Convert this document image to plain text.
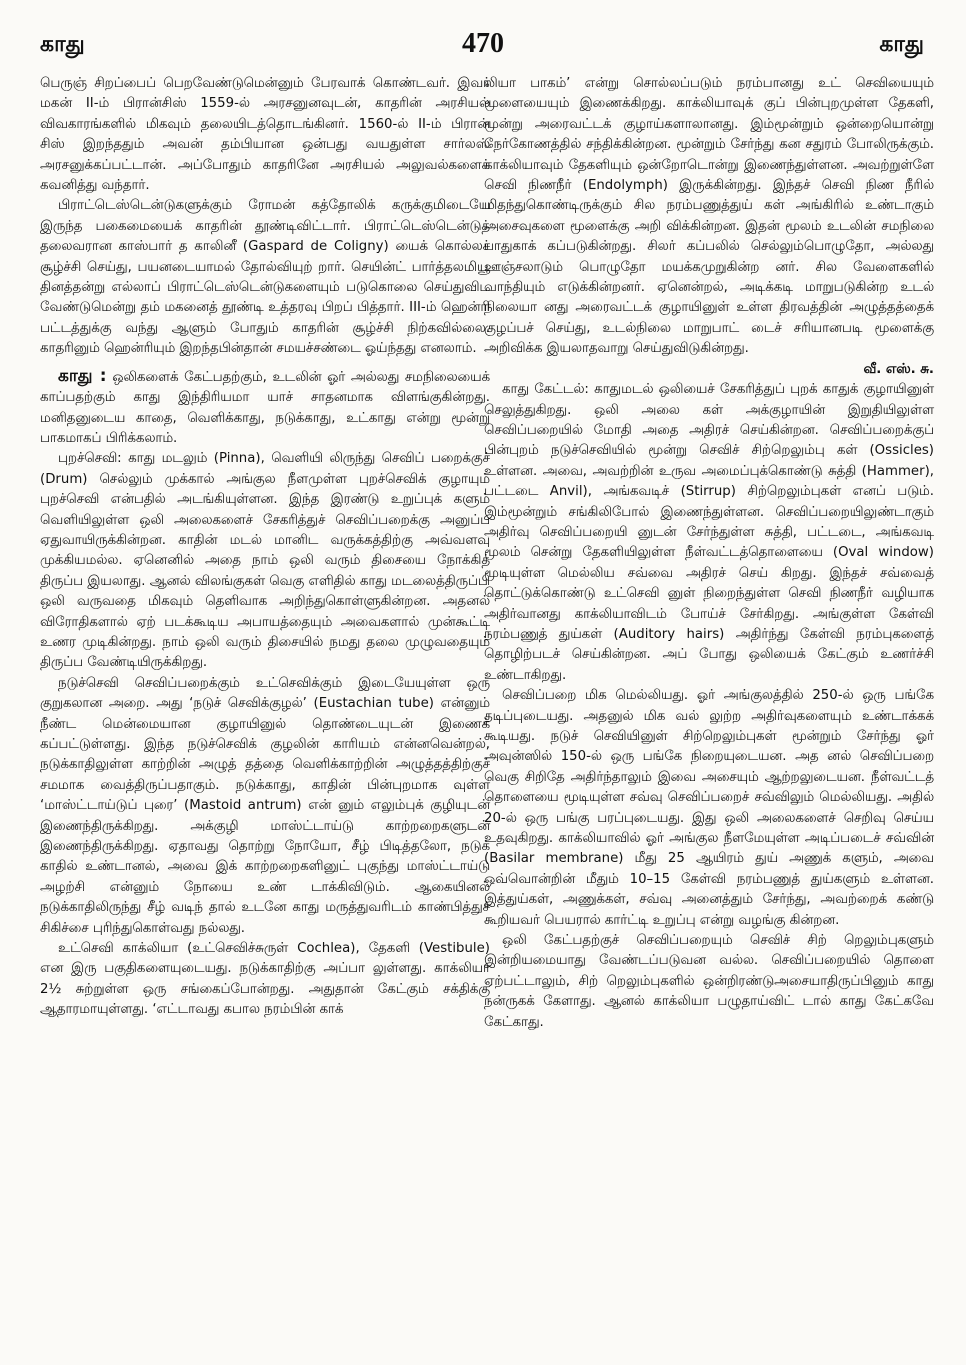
காது	470	காது

பெருஞ் சிறப்பைப் பெறவேண்டுமென்னும் பேரவாக் கொண்டவர். இவர் மகன் II-ம் பிரான்சிஸ் 1559-ல் அரசனுனவுடன், காதரின் அரசியல் விவகாரங்களில் மிகவும் தலையிடத்தொடங்கினர். 1560-ல் II-ம் பிரான் சிஸ் இறந்ததும் அவன் தம்பியான ஒன்பது வயதுள்ள சார்லஸ் அரசனுக்கப்பட்டான். அப்போதும் காதரினே அரசியல் அலுவல்களைக் கவனித்து வந்தார்.

பிராட்டெஸ்டென்டுகளுக்கும் ரோமன் கத்தோலிக் கருக்குமிடையே இருந்த பகைமையைக் காதரின் தூண்டிவிட்டார். பிராட்டெஸ்டென்டுத் தலைவரான காஸ்பார் த காலினீ (Gaspard de Coligny) யைக் கொல்லச் சூழ்ச்சி செய்து, பயனடையாமல் தோல்வியுற் றார். செயின்ட் பார்த்தலமியூ தினத்தன்று எல்லாப் பிராட்டெஸ்டென்டுகளையும் படுகொலை செய்துவிட வேண்டுமென்று தம் மகனைத் தூண்டி உத்தரவு பிறப் பித்தார். III-ம் ஹென்ரி பட்டத்துக்கு வந்து ஆளும் போதும் காதரின் சூழ்ச்சி நிற்கவில்லை. காதரினும் ஹென்ரியும் இறந்தபின்தான் சமயச்சண்டை ஓய்ந்தது எனலாம்.

காது : ஒலிகளைக் கேட்பதற்கும், உடலின் ஓர் அல்லது சமநிலையைக் காப்பதற்கும் காது இந்திரியமா யாச் சாதனமாக விளங்குகின்றது. மனிதனுடைய காதை, வெளிக்காது, நடுக்காது, உட்காது என்று மூன்று பாகமாகப் பிரிக்கலாம்.

புறச்செவி: காது மடலும் (Pinna), வெளியி லிருந்து செவிப் பறைக்குச் (Drum) செல்லும் முக்கால் அங்குல நீளமுள்ள புறச்செவிக் குழாயும் புறச்செவி என்பதில் அடங்கியுள்ளன. இந்த இரண்டு உறுப்புக் களும் வெளியிலுள்ள ஒலி அலைகளைச் சேகரித்துச் செவிப்பறைக்கு அனுப்ப ஏதுவாயிருக்கின்றன. காதின் மடல் மானிட வருக்கத்திற்கு அவ்வளவு முக்கியமல்ல. ஏனெனில் அதை நாம் ஒலி வரும் திசையை நோக்கித் திருப்ப இயலாது. ஆனல் விலங்குகள் வெகு எளிதில் காது மடலைத்திருப்பி ஒலி வருவதை மிகவும் தெளிவாக அறிந்துகொள்ளுகின்றன. அதனல் விரோதிகளால் ஏற் படக்கூடிய அபாயத்தையும் அவைகளால் முன்கூட்டி உணர முடிகின்றது. நாம் ஒலி வரும் திசையில் நமது தலை முழுவதையும் திருப்ப வேண்டியிருக்கிறது.

நடுச்செவி செவிப்பறைக்கும் உட்செவிக்கும் இடையேயுள்ள ஒரு குறுகலான அறை. அது ‘நடுச் செவிக்குழல்’ (Eustachian tube) என்னும் நீண்ட மென்மையான குழாயினுல் தொண்டையுடன் இணைக் கப்பட்டுள்ளது. இந்த நடுச்செவிக் குழலின் காரியம் என்னவென்றல், நடுக்காதிலுள்ள காற்றின் அழுத் தத்தை வெளிக்காற்றின் அழுத்தத்திற்குச் சமமாக வைத்திருப்பதாகும். நடுக்காது, காதின் பின்புறமாக வுள்ள ‘மாஸ்ட்டாய்டுப் புரை’ (Mastoid antrum) என் னும் எலும்புக் குழியுடன் இணைந்திருக்கிறது. அக்குழி மாஸ்ட்டாய்டு காற்றறைகளுடன் இணைந்திருக்கிறது. ஏதாவது தொற்று நோயோ, சீழ் பிடித்தலோ, நடுக் காதில் உண்டானல், அவை இக் காற்றறைகளினுட் புகுந்து மாஸ்ட்டாய்டு அழற்சி என்னும் நோயை உண் டாக்கிவிடும். ஆகையினல் நடுக்காதிலிருந்து சீழ் வடிந் தால் உடனே காது மருத்துவரிடம் காண்பித்துச் சிகிச்சை புரிந்துகொள்வது நல்லது.

உட்செவி காக்லியா (உட்செவிச்சுருள் Cochlea), தேகளி (Vestibule) என இரு பகுதிகளையுடையது. நடுக்காதிற்கு அப்பா லுள்ளது. காக்லியா 2½ சுற்றுள்ள ஒரு சங்கைப்போன்றது. அதுதான் கேட்கும் சக்திக்கு ஆதாரமாயுள்ளது. ‘எட்டாவது கபால நரம்பின் காக்

லியா பாகம்’ என்று சொல்லப்படும் நரம்பானது உட் செவியையும் மூளையையும் இணைக்கிறது. காக்லியாவுக் குப் பின்புறமுள்ள தேகளி, மூன்று அரைவட்டக் குழாய்களாலானது. இம்மூன்றும் ஒன்றையொன்று நேர்கோணத்தில் சந்திக்கின்றன. மூன்றும் சேர்ந்து கன சதுரம் போலிருக்கும். காக்லியாவும் தேகளியும் ஒன்றோடொன்று இணைந்துள்ளன. அவற்றுள்ளே செவி நிணநீர் (Endolymph) இருக்கின்றது. இந்தச் செவி நிண நீரில் மிதந்துகொண்டிருக்கும் சில நரம்பணுத்துய் கள் அங்கிரில் உண்டாகும் அசைவுகளை மூளைக்கு அறி விக்கின்றன. இதன் மூலம் உடலின் சமநிலை பாதுகாக் கப்படுகின்றது. சிலர் கப்பலில் செல்லும்பொழுதோ, அல்லது ஊஞ்சலாடும் பொழுதோ மயக்கமுறுகின்ற னர். சில வேளைகளில் வாந்தியும் எடுக்கின்றனர். ஏனென்றல், அடிக்கடி மாறுபடுகின்ற உடல் நிலையா னது அரைவட்டக் குழாயினுள் உள்ள திரவத்தின் அழுத்தத்தைக் குழப்பச் செய்து, உடல்நிலை மாறுபாட் டைச் சரியானபடி மூளைக்கு அறிவிக்க இயலாதவாறு செய்துவிடுகின்றது.

வீ. எஸ். சு.

காது கேட்டல்: காதுமடல் ஒலியைச் சேகரித்துப் புறக் காதுக் குழாயினுள் செலுத்துகிறது. ஒலி அலை கள் அக்குழாயின் இறுதியிலுள்ள செவிப்பறையில் மோதி அதை அதிரச் செய்கின்றன. செவிப்பறைக்குப் பின்புறம் நடுச்செவியில் மூன்று செவிச் சிற்றெலும்பு கள் (Ossicles) உள்ளன. அவை, அவற்றின் உருவ அமைப்புக்கொண்டு சுத்தி (Hammer), பட்டடை Anvil), அங்கவடிச் (Stirrup) சிற்றெலும்புகள் எனப் படும். இம்மூன்றும் சங்கிலிபோல் இணைந்துள்ளன. செவிப்பறையிலுண்டாகும் அதிர்வு செவிப்பறையி னுடன் சேர்ந்துள்ள சுத்தி, பட்டடை, அங்கவடி மூலம் சென்று தேகளியிலுள்ள நீள்வட்டத்தொளையை (Oval window) மூடியுள்ள மெல்லிய சவ்வை அதிரச் செய் கிறது. இந்தச் சவ்வைத் தொட்டுக்கொண்டு உட்செவி னுள் நிறைந்துள்ள செவி நிணநீர் வழியாக அதிர்வானது காக்லியாவிடம் போய்ச் சேர்கிறது. அங்குள்ள கேள்வி நரம்பணுத் துய்கள் (Auditory hairs) அதிர்ந்து கேள்வி நரம்புகளைத் தொழிற்படச் செய்கின்றன. அப் போது ஒலியைக் கேட்கும் உணர்ச்சி உண்டாகிறது.

செவிப்பறை மிக மெல்லியது. ஓர் அங்குலத்தில் 250-ல் ஒரு பங்கே தடிப்புடையது. அதனுல் மிக வல் லுற்ற அதிர்வுகளையும் உண்டாக்கக் கூடியது. நடுச் செவியினுள் சிற்றெலும்புகள் மூன்றும் சேர்ந்து ஓர் அவுன்ஸில் 150-ல் ஒரு பங்கே நிறையுடையன. அத னல் செவிப்பறை வெகு சிறிதே அதிர்ந்தாலும் இவை அசையும் ஆற்றலுடையன. நீள்வட்டத் தொளையை மூடியுள்ள சவ்வு செவிப்பறைச் சவ்விலும் மெல்லியது. அதில் 20-ல் ஒரு பங்கு பரப்புடையது. இது ஒலி அலைகளைச் செறிவு செய்ய உதவுகிறது. காக்லியாவில் ஓர் அங்குல நீளமேயுள்ள அடிப்படைச் சவ்வின் (Basilar membrane) மீது 25 ஆயிரம் துய் அணுக் களும், அவை ஒவ்வொன்றின் மீதும் 10–15 கேள்வி நரம்பணுத் துய்களும் உள்ளன. இத்துய்கள், அணுக்கள், சவ்வு அனைத்தும் சேர்ந்து, அவற்றைக் கண்டு கூறியவர் பெயரால் கார்ட்டி உறுப்பு என்று வழங்கு கின்றன.

ஒலி கேட்பதற்குச் செவிப்பறையும் செவிச் சிற் றெலும்புகளும் இன்றியமையாது வேண்டப்படுவன வல்ல. செவிப்பறையில் தொளை ஏற்பட்டாலும், சிற் றெலும்புகளில் ஒன்றிரண்டுஅசையாதிருப்பினும் காது நன்ருகக் கேளாது. ஆனல் காக்லியா பழுதாய்விட் டால் காது கேட்கவே கேட்காது.
